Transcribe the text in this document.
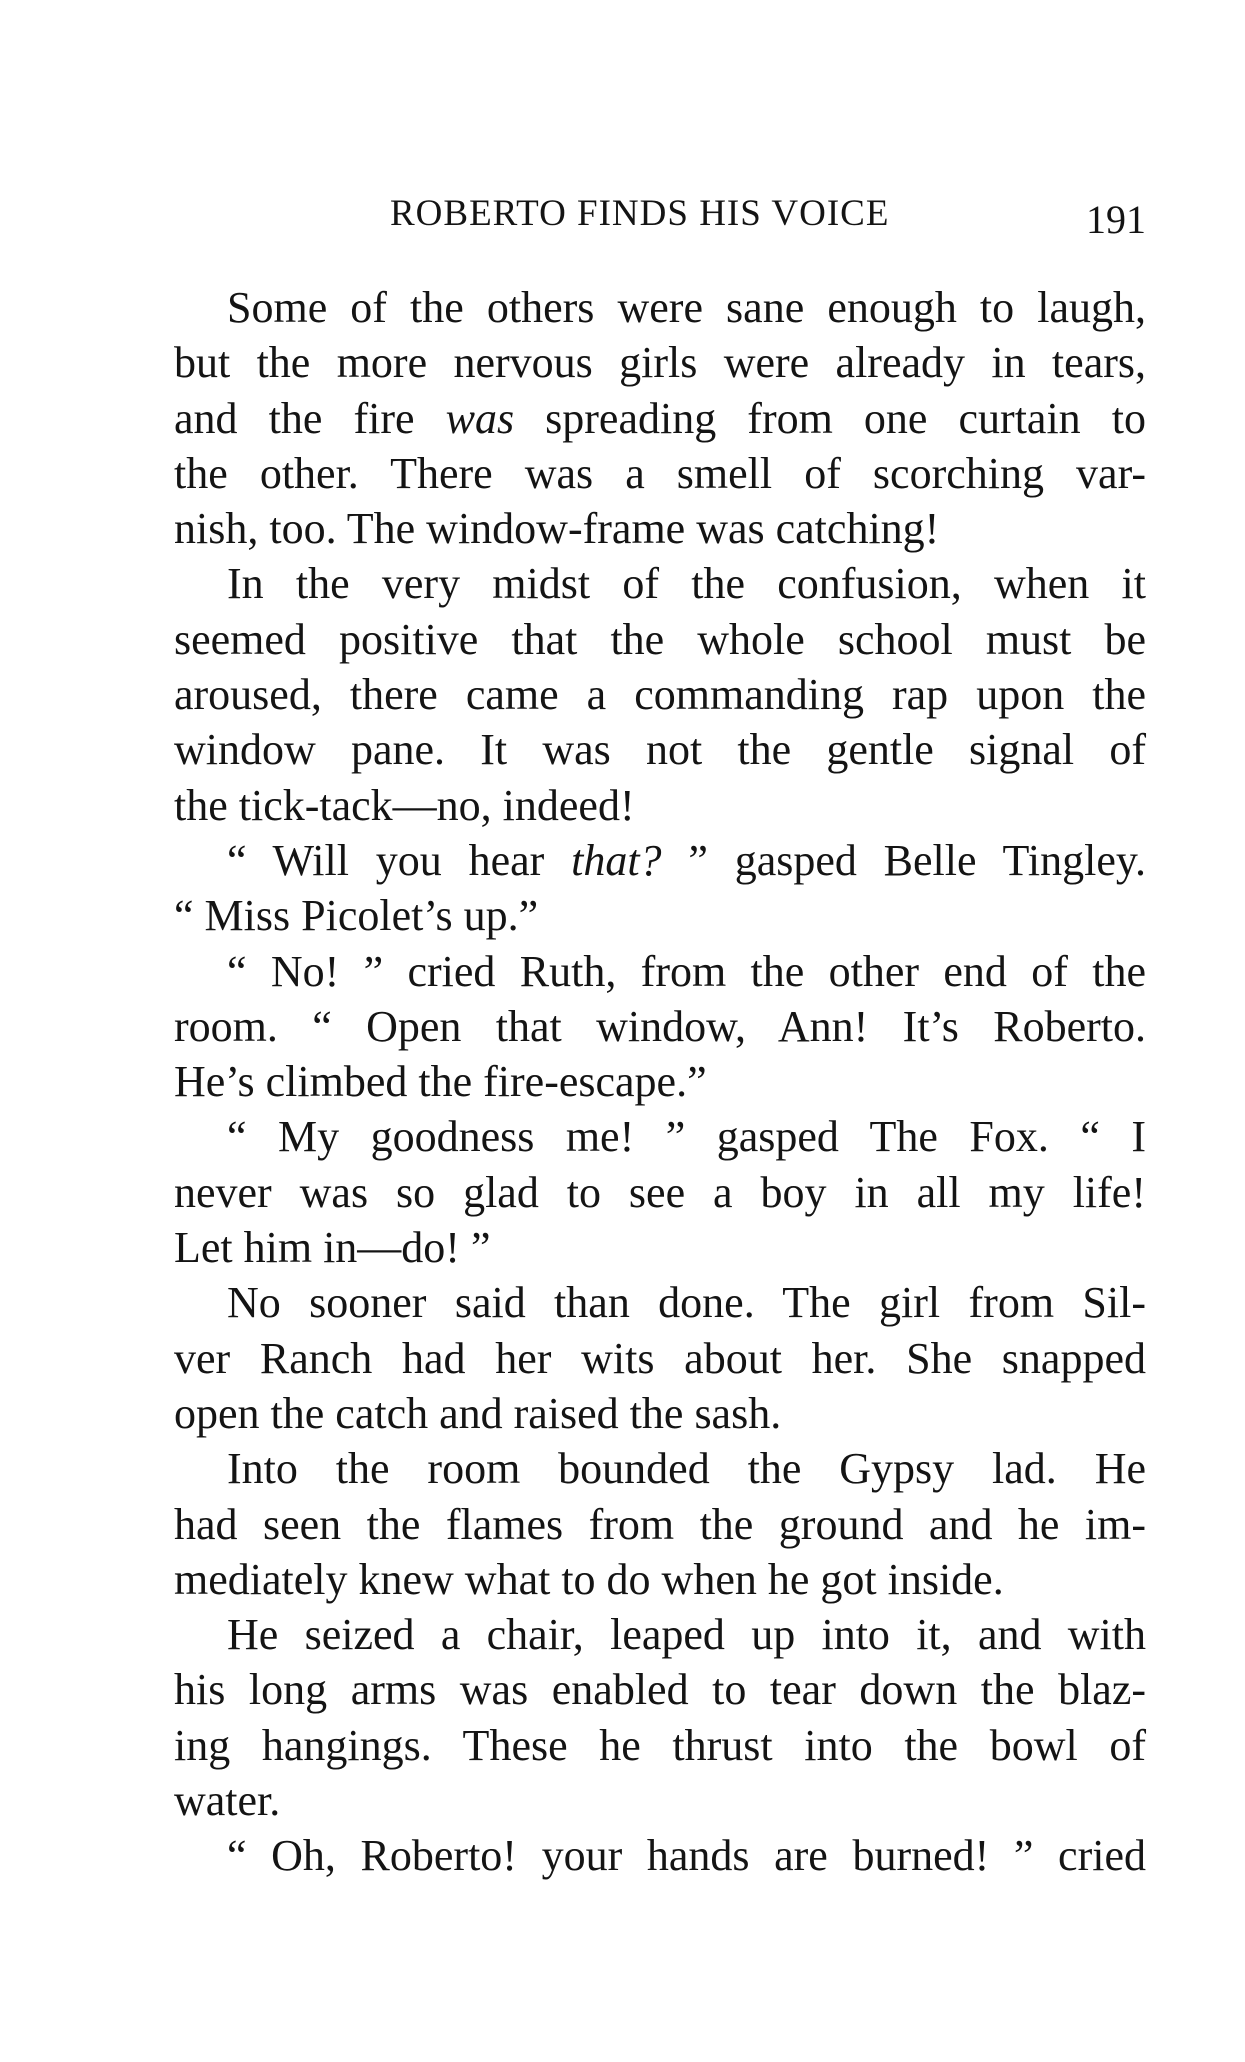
ROBERTO FINDS HIS VOICE	191
Some of the others were sane enough to laugh,
but the more nervous girls were already in tears,
and the fire was spreading from one curtain to
the other. There was a smell of scorching var-
nish, too. The window-frame was catching!
In the very midst of the confusion, when it
seemed positive that the whole school must be
aroused, there came a commanding rap upon the
window pane. It was not the gentle signal of
the tick-tack—no, indeed!
“ Will you hear that? ” gasped Belle Tingley.
“ Miss Picolet’s up.”
“ No! ” cried Ruth, from the other end of the
room. “ Open that window, Ann! It’s Roberto.
He’s climbed the fire-escape.”
“ My goodness me! ” gasped The Fox. “ I
never was so glad to see a boy in all my life!
Let him in—do! ”
No sooner said than done. The girl from Sil-
ver Ranch had her wits about her. She snapped
open the catch and raised the sash.
Into the room bounded the Gypsy lad. He
had seen the flames from the ground and he im-
mediately knew what to do when he got inside.
He seized a chair, leaped up into it, and with
his long arms was enabled to tear down the blaz-
ing hangings. These he thrust into the bowl of
water.
“ Oh, Roberto! your hands are burned! ” cried
